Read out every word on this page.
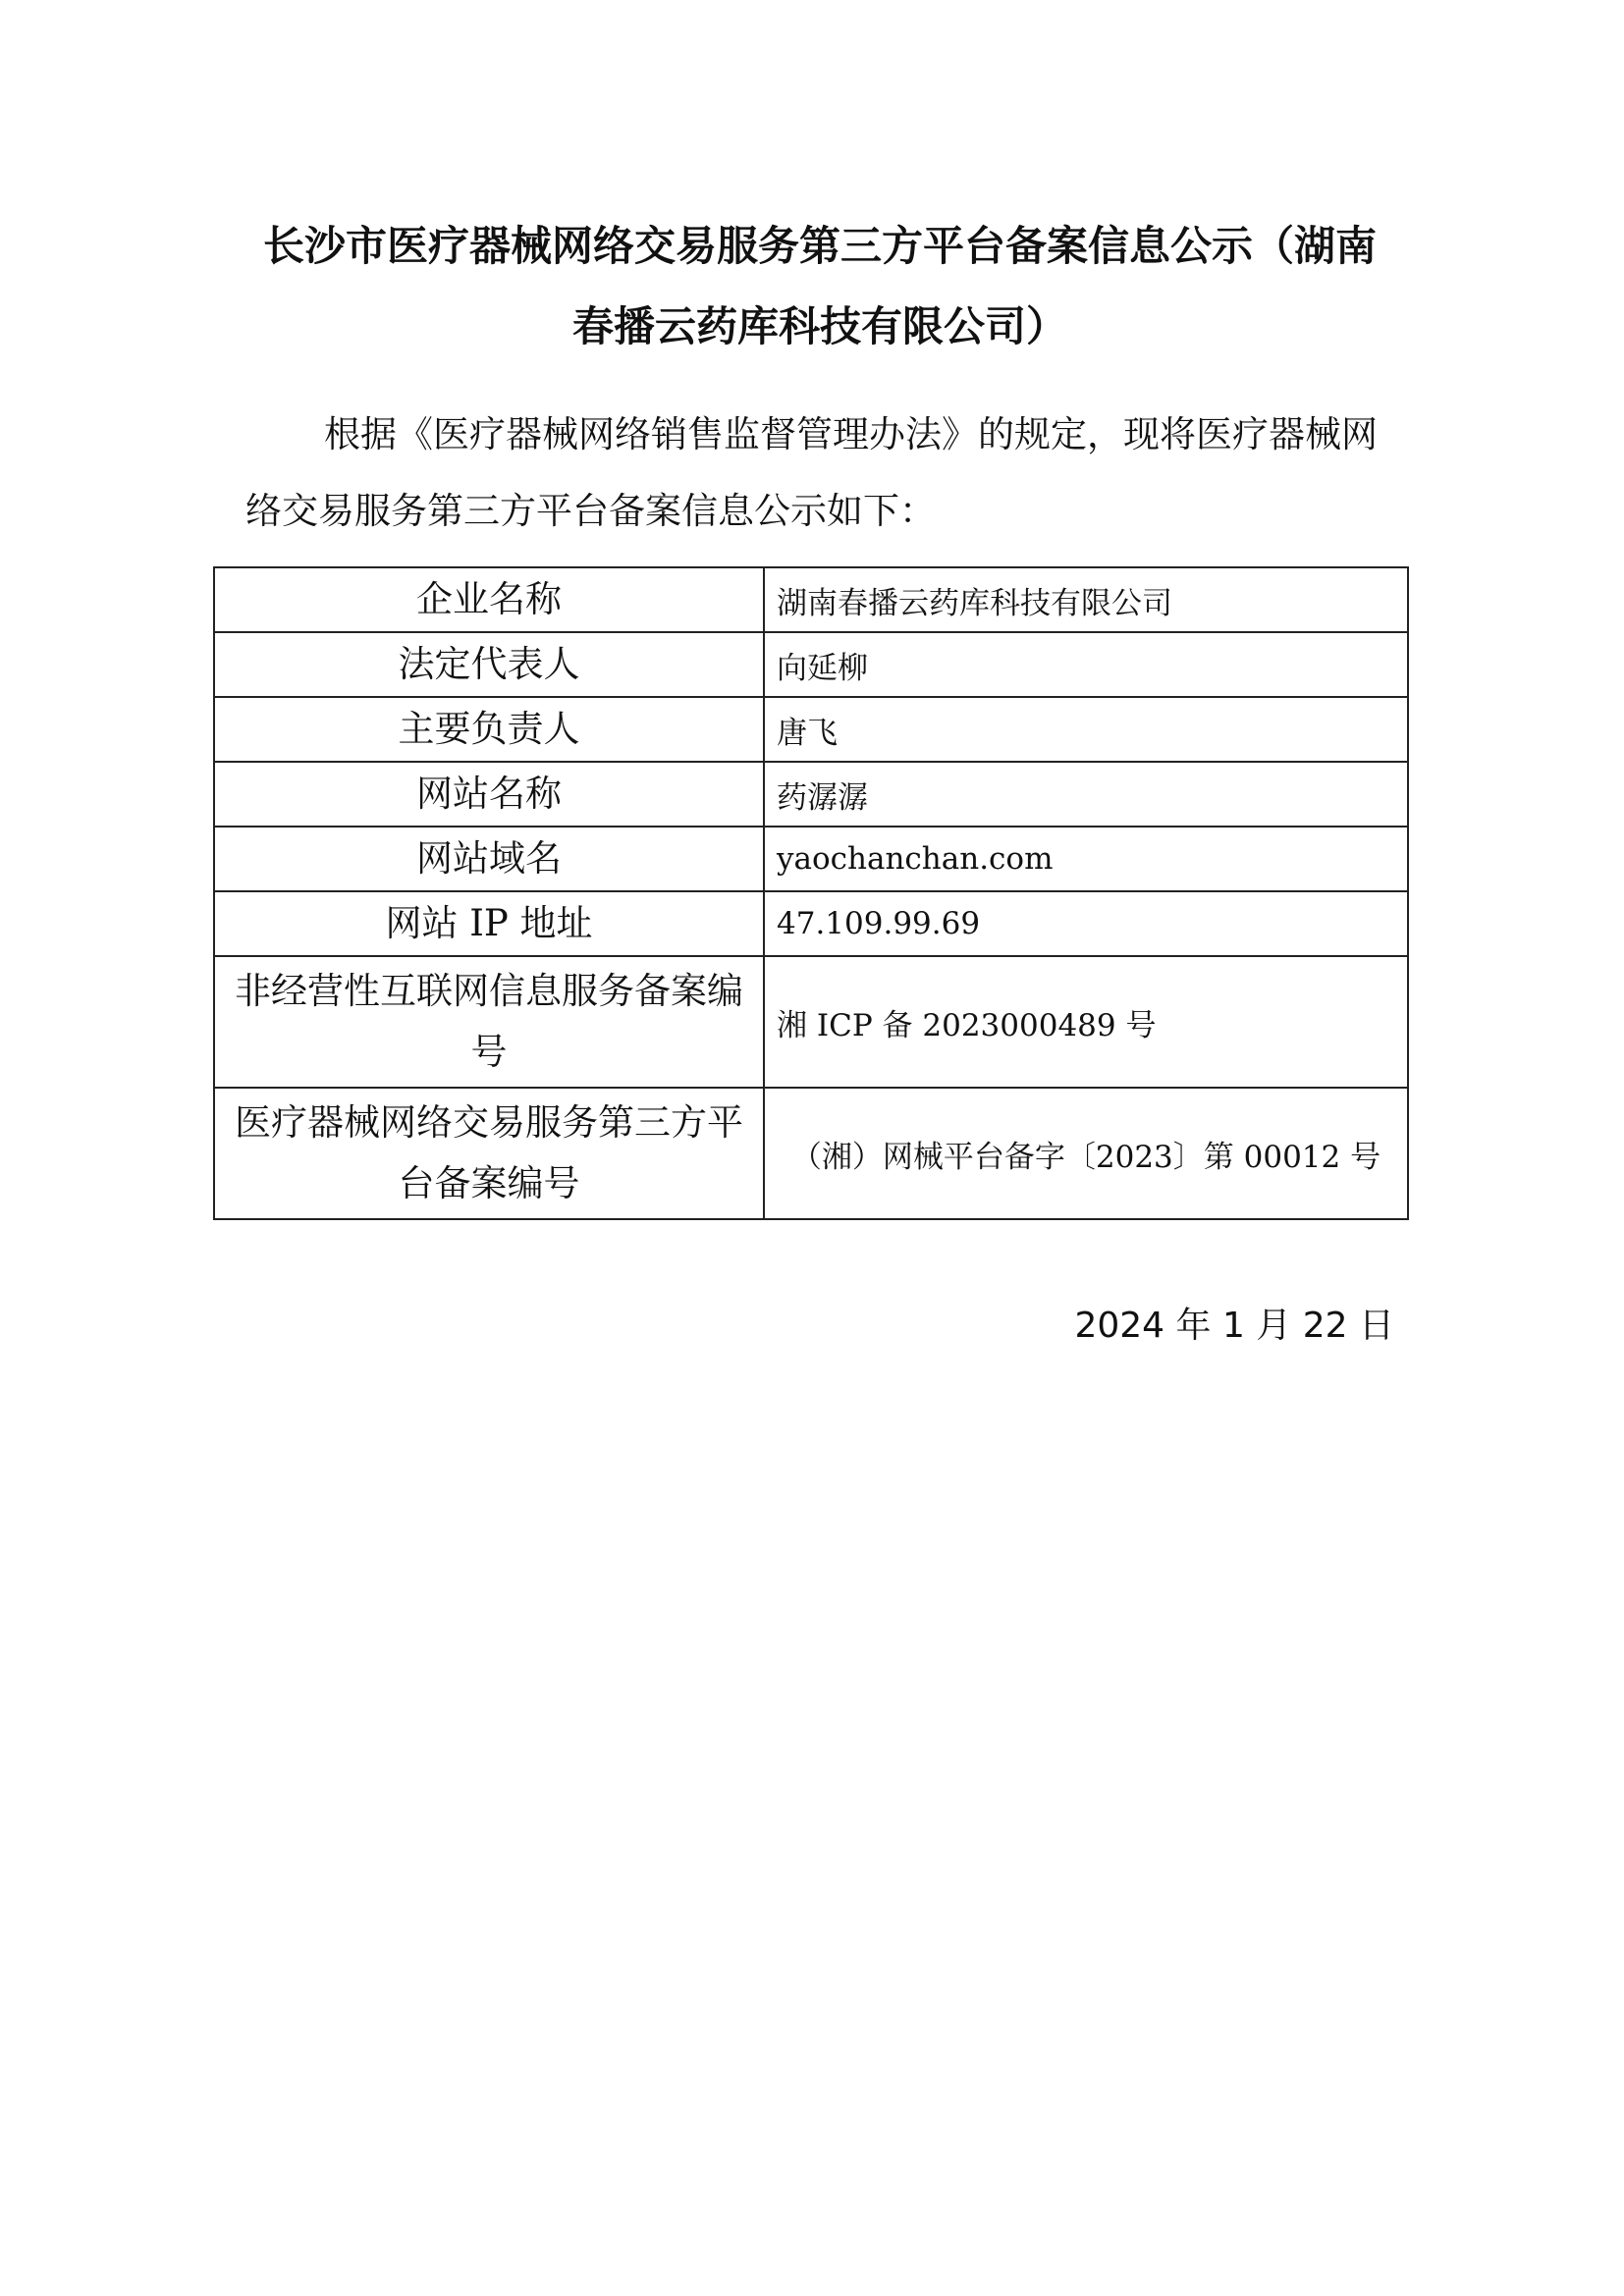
长沙市医疗器械网络交易服务第三方平台备案信息公示（湖南春播云药库科技有限公司）

根据《医疗器械网络销售监督管理办法》的规定，现将医疗器械网络交易服务第三方平台备案信息公示如下：

企业名称	湖南春播云药库科技有限公司
法定代表人	向延柳
主要负责人	唐飞
网站名称	药潺潺
网站域名	yaochanchan.com
网站 IP 地址	47.109.99.69
非经营性互联网信息服务备案编号	湘 ICP 备 2023000489 号
医疗器械网络交易服务第三方平台备案编号	（湘）网械平台备字〔2023〕第 00012 号

2024 年 1 月 22 日
